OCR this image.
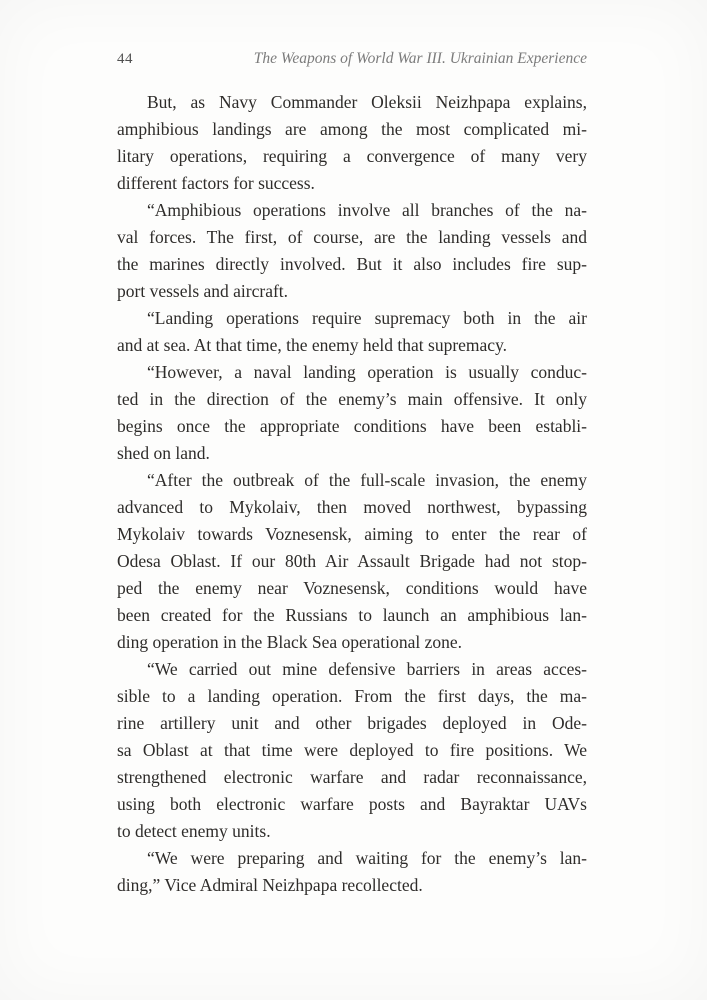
44	The Weapons of World War III. Ukrainian Experience
But, as Navy Commander Oleksii Neizhpapa explains,
amphibious landings are among the most complicated mi-
litary operations, requiring a convergence of many very
different factors for success.
“Amphibious operations involve all branches of the na-
val forces. The first, of course, are the landing vessels and
the marines directly involved. But it also includes fire sup-
port vessels and aircraft.
“Landing operations require supremacy both in the air
and at sea. At that time, the enemy held that supremacy.
“However, a naval landing operation is usually conduc-
ted in the direction of the enemy’s main offensive. It only
begins once the appropriate conditions have been establi-
shed on land.
“After the outbreak of the full-scale invasion, the enemy
advanced to Mykolaiv, then moved northwest, bypassing
Mykolaiv towards Voznesensk, aiming to enter the rear of
Odesa Oblast. If our 80th Air Assault Brigade had not stop-
ped the enemy near Voznesensk, conditions would have
been created for the Russians to launch an amphibious lan-
ding operation in the Black Sea operational zone.
“We carried out mine defensive barriers in areas acces-
sible to a landing operation. From the first days, the ma-
rine artillery unit and other brigades deployed in Ode-
sa Oblast at that time were deployed to fire positions. We
strengthened electronic warfare and radar reconnaissance,
using both electronic warfare posts and Bayraktar UAVs
to detect enemy units.
“We were preparing and waiting for the enemy’s lan-
ding,” Vice Admiral Neizhpapa recollected.
